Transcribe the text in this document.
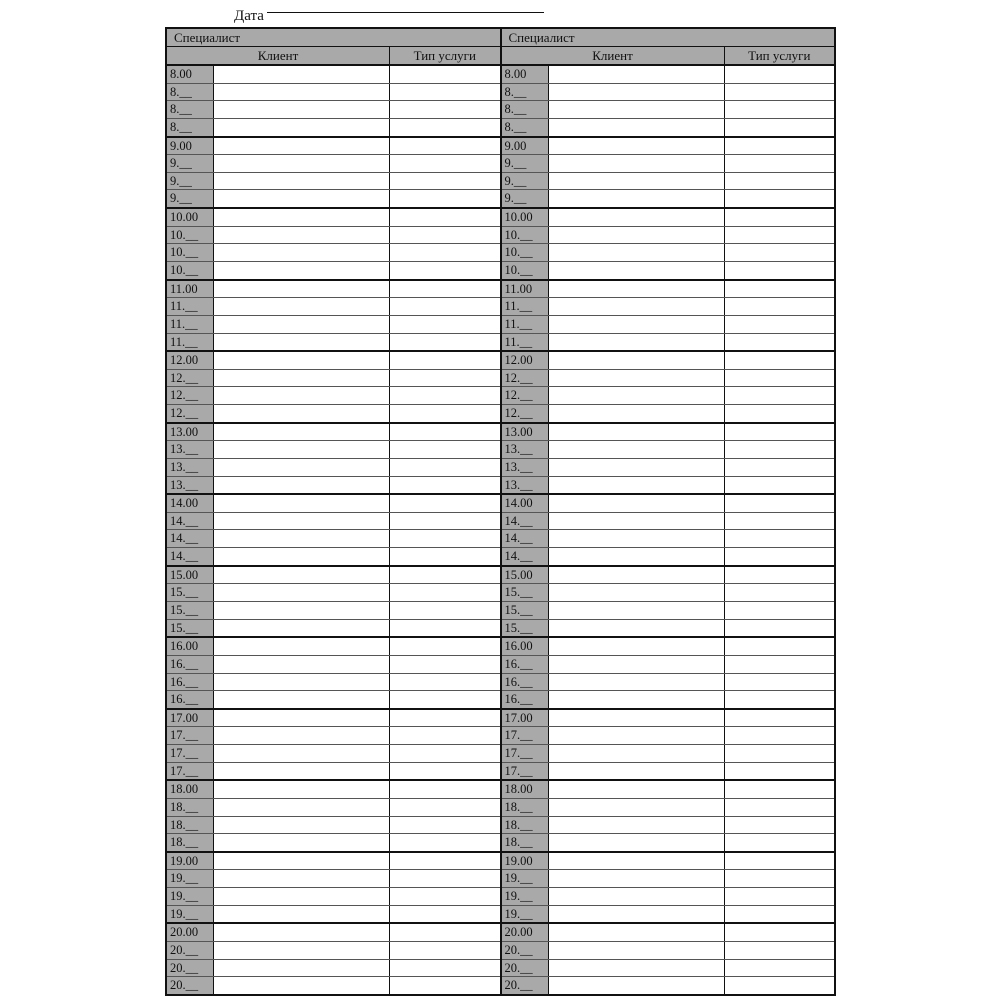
Дата
Специалист
Клиент	Тип услуги
8.00
8.__
8.__
8.__
9.00
9.__
9.__
9.__
10.00
10.__
10.__
10.__
11.00
11.__
11.__
11.__
12.00
12.__
12.__
12.__
13.00
13.__
13.__
13.__
14.00
14.__
14.__
14.__
15.00
15.__
15.__
15.__
16.00
16.__
16.__
16.__
17.00
17.__
17.__
17.__
18.00
18.__
18.__
18.__
19.00
19.__
19.__
19.__
20.00
20.__
20.__
20.__
Специалист
Клиент	Тип услуги
8.00
8.__
8.__
8.__
9.00
9.__
9.__
9.__
10.00
10.__
10.__
10.__
11.00
11.__
11.__
11.__
12.00
12.__
12.__
12.__
13.00
13.__
13.__
13.__
14.00
14.__
14.__
14.__
15.00
15.__
15.__
15.__
16.00
16.__
16.__
16.__
17.00
17.__
17.__
17.__
18.00
18.__
18.__
18.__
19.00
19.__
19.__
19.__
20.00
20.__
20.__
20.__
